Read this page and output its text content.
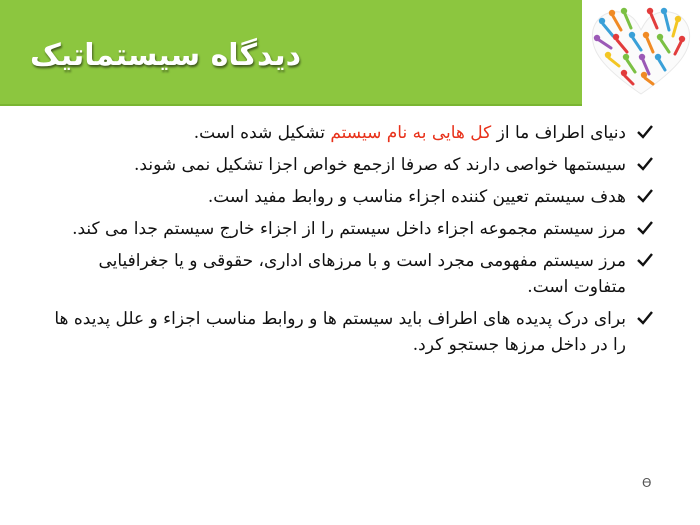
دیدگاه سیستماتیک
دنیای اطراف ما از کل هایی به نام سیستم تشکیل شده است.
سیستمها خواصی دارند که صرفا ازجمع خواص اجزا تشکیل نمی شوند.
هدف سیستم تعیین کننده اجزاء مناسب و روابط مفید است.
مرز سیستم مجموعه اجزاء داخل سیستم را از اجزاء خارج سیستم جدا می کند.
مرز سیستم مفهومی مجرد است و با مرزهای اداری، حقوقی و یا جغرافیایی متفاوت است.
برای درک پدیده های اطراف باید سیستم ها و روابط مناسب اجزاء و علل پدیده ها را در داخل مرزها جستجو کرد.
ϴ
